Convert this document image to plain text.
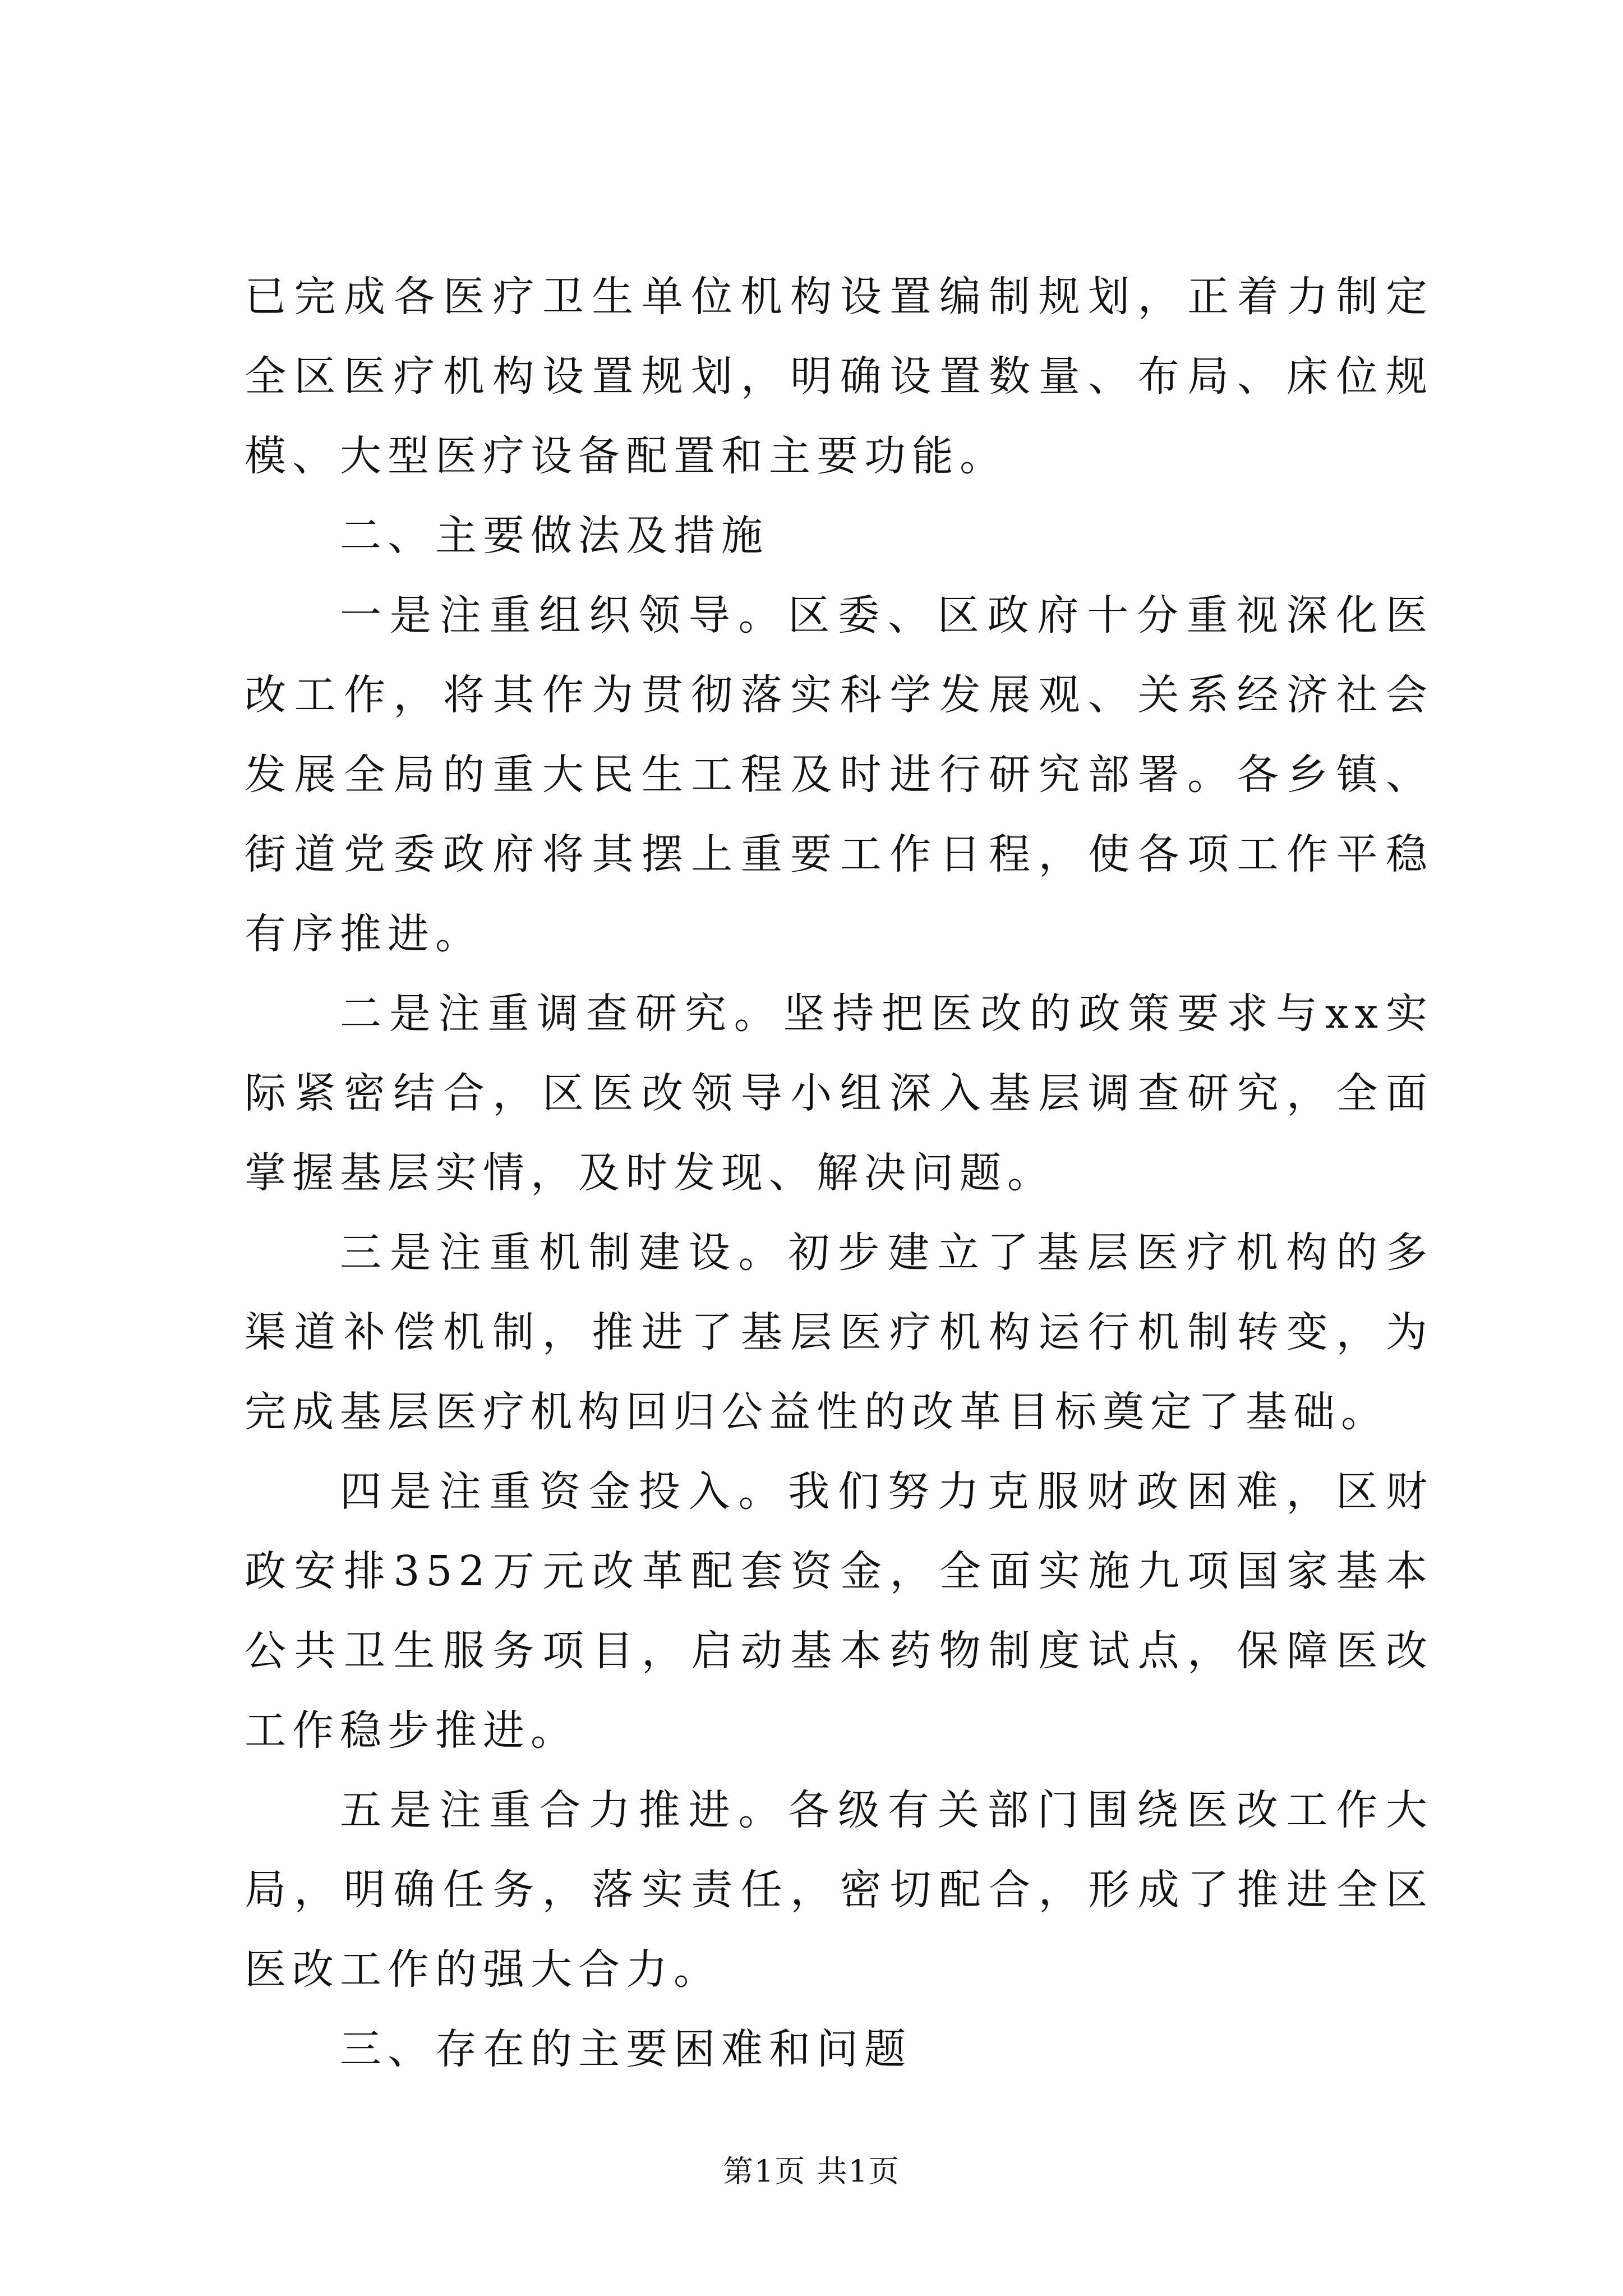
已完成各医疗卫生单位机构设置编制规划，正着力制定全区医疗机构设置规划，明确设置数量、布局、床位规模、大型医疗设备配置和主要功能。

二、主要做法及措施

一是注重组织领导。区委、区政府十分重视深化医改工作，将其作为贯彻落实科学发展观、关系经济社会发展全局的重大民生工程及时进行研究部署。各乡镇、街道党委政府将其摆上重要工作日程，使各项工作平稳有序推进。

二是注重调查研究。坚持把医改的政策要求与xx实际紧密结合，区医改领导小组深入基层调查研究，全面掌握基层实情，及时发现、解决问题。

三是注重机制建设。初步建立了基层医疗机构的多渠道补偿机制，推进了基层医疗机构运行机制转变，为完成基层医疗机构回归公益性的改革目标奠定了基础。

四是注重资金投入。我们努力克服财政困难，区财政安排352万元改革配套资金，全面实施九项国家基本公共卫生服务项目，启动基本药物制度试点，保障医改工作稳步推进。

五是注重合力推进。各级有关部门围绕医改工作大局，明确任务，落实责任，密切配合，形成了推进全区医改工作的强大合力。

三、存在的主要困难和问题

第1页 共1页
